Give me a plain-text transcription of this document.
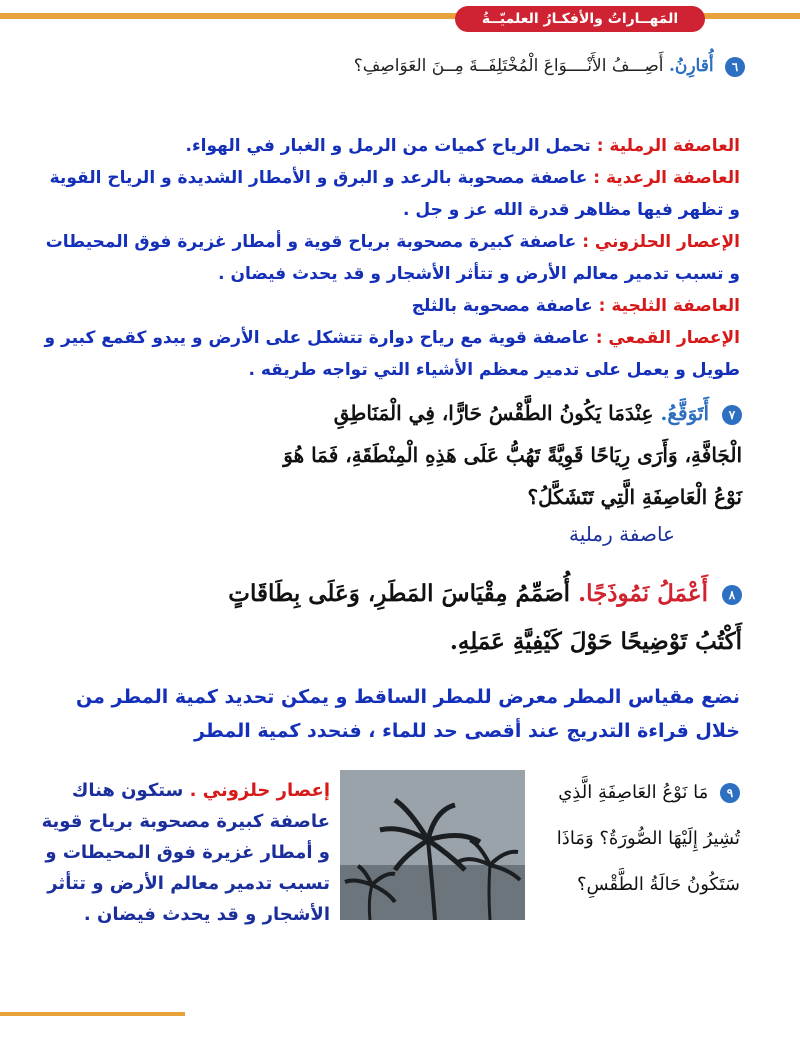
المَهــاراتُ والأفكـارُ العلميّــةُ
٦ أُقارِنُ. أَصِـــفُ الأَنْــــوَاعَ الْمُخْتَلِفَــةَ مِــنَ العَوَاصِفِ؟
العاصفة الرملية : تحمل الرياح كميات من الرمل و الغبار في الهواء.
العاصفة الرعدية : عاصفة مصحوبة بالرعد و البرق و الأمطار الشديدة و الرياح القوية و تظهر فيها مظاهر قدرة الله عز و جل .
الإعصار الحلزوني : عاصفة كبيرة مصحوبة برياح قوية و أمطار غزيرة فوق المحيطات و تسبب تدمير معالم الأرض و تتأثر الأشجار و قد يحدث فيضان .
العاصفة الثلجية : عاصفة مصحوبة بالثلج
الإعصار القمعي : عاصفة قوية مع رياح دوارة تتشكل على الأرض و يبدو كقمع كبير و طويل و يعمل على تدمير معظم الأشياء التي تواجه طريقه .
٧ أَتَوَقَّعُ. عِنْدَمَا يَكُونُ الطَّقْسُ حَارًّا، فِي الْمَنَاطِقِ الْجَافَّةِ، وَأَرَى رِيَاحًا قَوِيَّةً تَهُبُّ عَلَى هَذِهِ الْمِنْطَقَةِ، فَمَا هُوَ نَوْعُ الْعَاصِفَةِ الَّتِي تَتَشَكَّلُ؟
عاصفة رملية
٨ أَعْمَلُ نَمُوذَجًا. أُصَمِّمُ مِقْيَاسَ المَطَرِ، وَعَلَى بِطَاقَاتٍ أَكْتُبُ تَوْضِيحًا حَوْلَ كَيْفِيَّةِ عَمَلِهِ.
نضع مقياس المطر معرض للمطر الساقط و يمكن تحديد كمية المطر من خلال قراءة التدريج عند أقصى حد للماء ، فنحدد كمية المطر
٩ مَا نَوْعُ العَاصِفَةِ الَّذِي تُشِيرُ إِلَيْهَا الصُّورَةُ؟ وَمَاذَا سَتَكُونُ حَالَةُ الطَّقْسِ؟
إعصار حلزوني . ستكون هناك عاصفة كبيرة مصحوبة برياح قوية و أمطار غزيرة فوق المحيطات و تسبب تدمير معالم الأرض و تتأثر الأشجار و قد يحدث فيضان .
